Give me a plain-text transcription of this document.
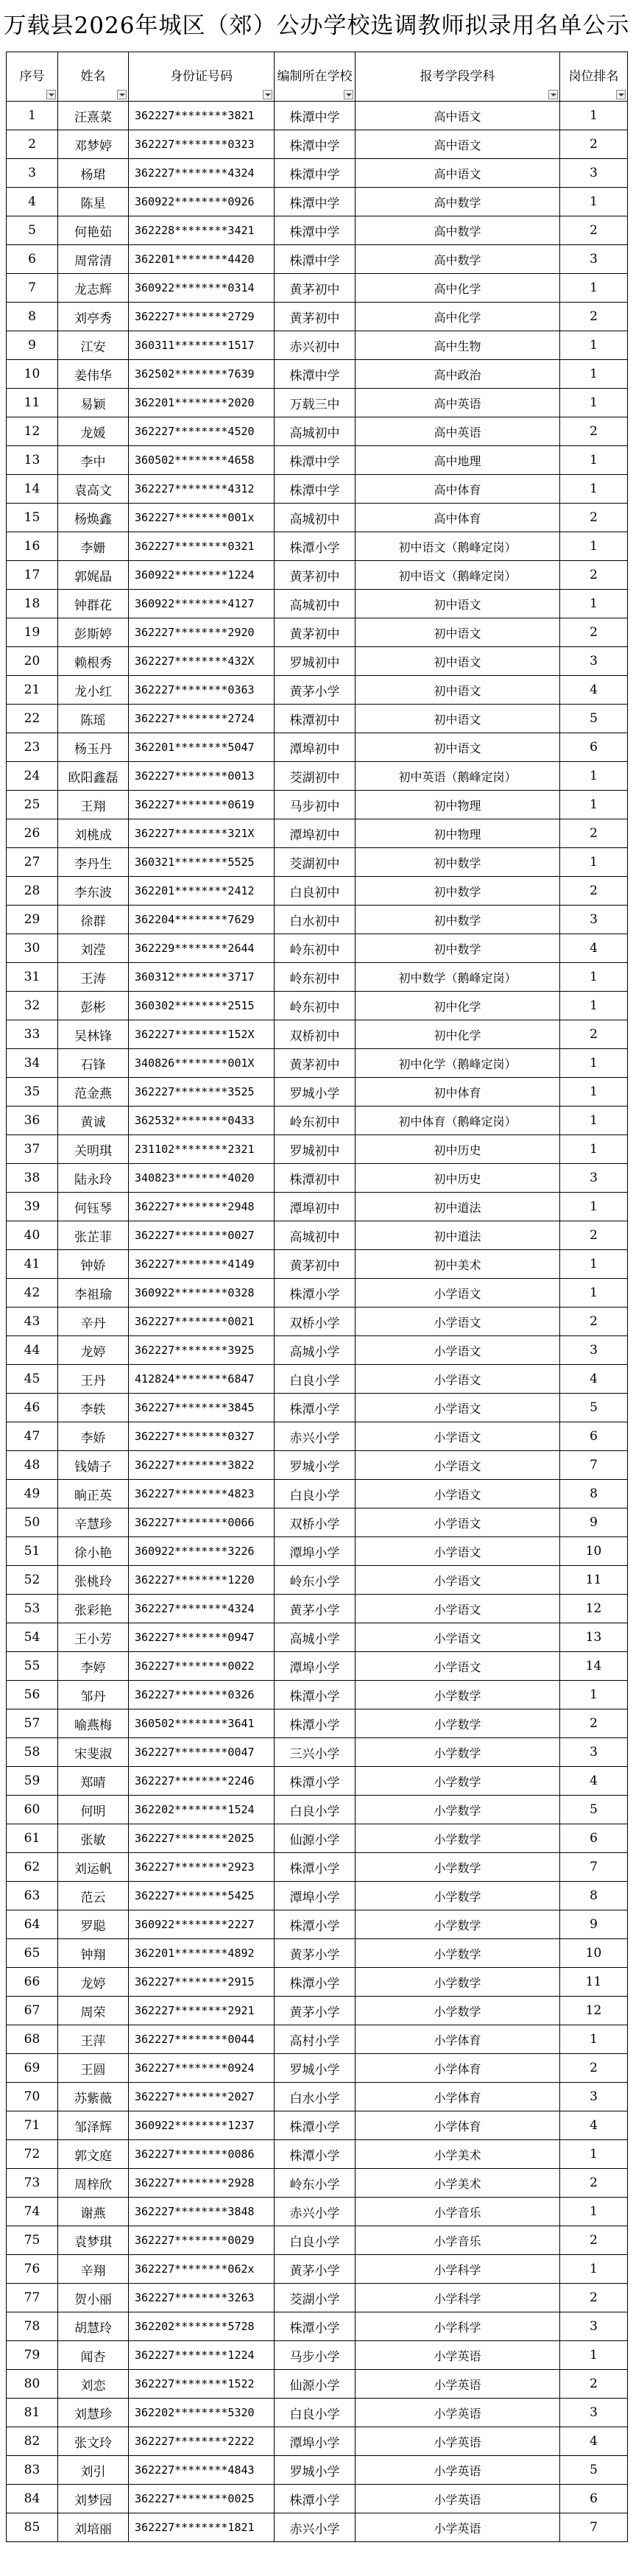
万载县2026年城区（郊）公办学校选调教师拟录用名单公示
序号	姓名	身份证号码	编制所在学校	报考学段学科	岗位排名

1	汪熹菜	362227********3821	株潭中学	高中语文	1
2	邓梦婷	362227********0323	株潭中学	高中语文	2
3	杨珺	362227********4324	株潭中学	高中语文	3
4	陈星	360922********0926	株潭中学	高中数学	1
5	何艳茹	362228********3421	株潭中学	高中数学	2
6	周常清	362201********4420	株潭中学	高中数学	3
7	龙志辉	360922********0314	黄茅初中	高中化学	1
8	刘亭秀	362227********2729	黄茅初中	高中化学	2
9	江安	360311********1517	赤兴初中	高中生物	1
10	姜伟华	362502********7639	株潭中学	高中政治	1
11	易颖	362201********2020	万载三中	高中英语	1
12	龙媛	362227********4520	高城初中	高中英语	2
13	李中	360502********4658	株潭中学	高中地理	1
14	袁高文	362227********4312	株潭中学	高中体育	1
15	杨焕鑫	362227********001x	高城初中	高中体育	2
16	李姗	362227********0321	株潭小学	初中语文（鹅峰定岗）	1
17	郭娓晶	360922********1224	黄茅初中	初中语文（鹅峰定岗）	2
18	钟群花	360922********4127	高城初中	初中语文	1
19	彭斯婷	362227********2920	黄茅初中	初中语文	2
20	赖根秀	362227********432X	罗城初中	初中语文	3
21	龙小红	362227********0363	黄茅小学	初中语文	4
22	陈瑶	362227********2724	株潭初中	初中语文	5
23	杨玉丹	362201********5047	潭埠初中	初中语文	6
24	欧阳鑫磊	362227********0013	茭湖初中	初中英语（鹅峰定岗）	1
25	王翔	362227********0619	马步初中	初中物理	1
26	刘桃成	362227********321X	潭埠初中	初中物理	2
27	李丹生	360321********5525	茭湖初中	初中数学	1
28	李东波	362201********2412	白良初中	初中数学	2
29	徐群	362204********7629	白水初中	初中数学	3
30	刘滢	362229********2644	岭东初中	初中数学	4
31	王涛	360312********3717	岭东初中	初中数学（鹅峰定岗）	1
32	彭彬	360302********2515	岭东初中	初中化学	1
33	吴林锋	362227********152X	双桥初中	初中化学	2
34	石锋	340826********001X	黄茅初中	初中化学（鹅峰定岗）	1
35	范金燕	362227********3525	罗城小学	初中体育	1
36	黄诚	362532********0433	岭东初中	初中体育（鹅峰定岗）	1
37	关明琪	231102********2321	罗城初中	初中历史	1
38	陆永玲	340823********4020	株潭初中	初中历史	3
39	何钰琴	362227********2948	潭埠初中	初中道法	1
40	张芷菲	362227********0027	高城初中	初中道法	2
41	钟娇	362227********4149	黄茅初中	初中美术	1
42	李祖瑜	360922********0328	株潭小学	小学语文	1
43	辛丹	362227********0021	双桥小学	小学语文	2
44	龙婷	362227********3925	高城小学	小学语文	3
45	王丹	412824********6847	白良小学	小学语文	4
46	李轶	362227********3845	株潭小学	小学语文	5
47	李娇	362227********0327	赤兴小学	小学语文	6
48	钱婧子	362227********3822	罗城小学	小学语文	7
49	晌正英	362227********4823	白良小学	小学语文	8
50	辛慧珍	362227********0066	双桥小学	小学语文	9
51	徐小艳	360922********3226	潭埠小学	小学语文	10
52	张桃玲	362227********1220	岭东小学	小学语文	11
53	张彩艳	362227********4324	黄茅小学	小学语文	12
54	王小芳	362227********0947	高城小学	小学语文	13
55	李婷	362227********0022	潭埠小学	小学语文	14
56	邹丹	362227********0326	株潭小学	小学数学	1
57	喻燕梅	360502********3641	株潭小学	小学数学	2
58	宋斐淑	362227********0047	三兴小学	小学数学	3
59	郑晴	362227********2246	株潭小学	小学数学	4
60	何明	362202********1524	白良小学	小学数学	5
61	张敏	362227********2025	仙源小学	小学数学	6
62	刘运帆	362227********2923	株潭小学	小学数学	7
63	范云	362227********5425	潭埠小学	小学数学	8
64	罗聪	360922********2227	株潭小学	小学数学	9
65	钟翔	362201********4892	黄茅小学	小学数学	10
66	龙婷	362227********2915	株潭小学	小学数学	11
67	周荣	362227********2921	黄茅小学	小学数学	12
68	王萍	362227********0044	高村小学	小学体育	1
69	王圆	362227********0924	罗城小学	小学体育	2
70	苏紫薇	362227********2027	白水小学	小学体育	3
71	邹泽辉	360922********1237	株潭小学	小学体育	4
72	郭文庭	362227********0086	株潭小学	小学美术	1
73	周梓欣	362227********2928	岭东小学	小学美术	2
74	谢燕	362227********3848	赤兴小学	小学音乐	1
75	袁梦琪	362227********0029	白良小学	小学音乐	2
76	辛翔	362227********062x	黄茅小学	小学科学	1
77	贺小丽	362227********3263	茭湖小学	小学科学	2
78	胡慧玲	362202********5728	株潭小学	小学科学	3
79	闻杏	362227********1224	马步小学	小学英语	1
80	刘恋	362227********1522	仙源小学	小学英语	2
81	刘慧珍	362202********5320	白良小学	小学英语	3
82	张文玲	362227********2222	潭埠小学	小学英语	4
83	刘引	362227********4843	罗城小学	小学英语	5
84	刘梦园	362227********0025	株潭小学	小学英语	6
85	刘培丽	362227********1821	赤兴小学	小学英语	7
